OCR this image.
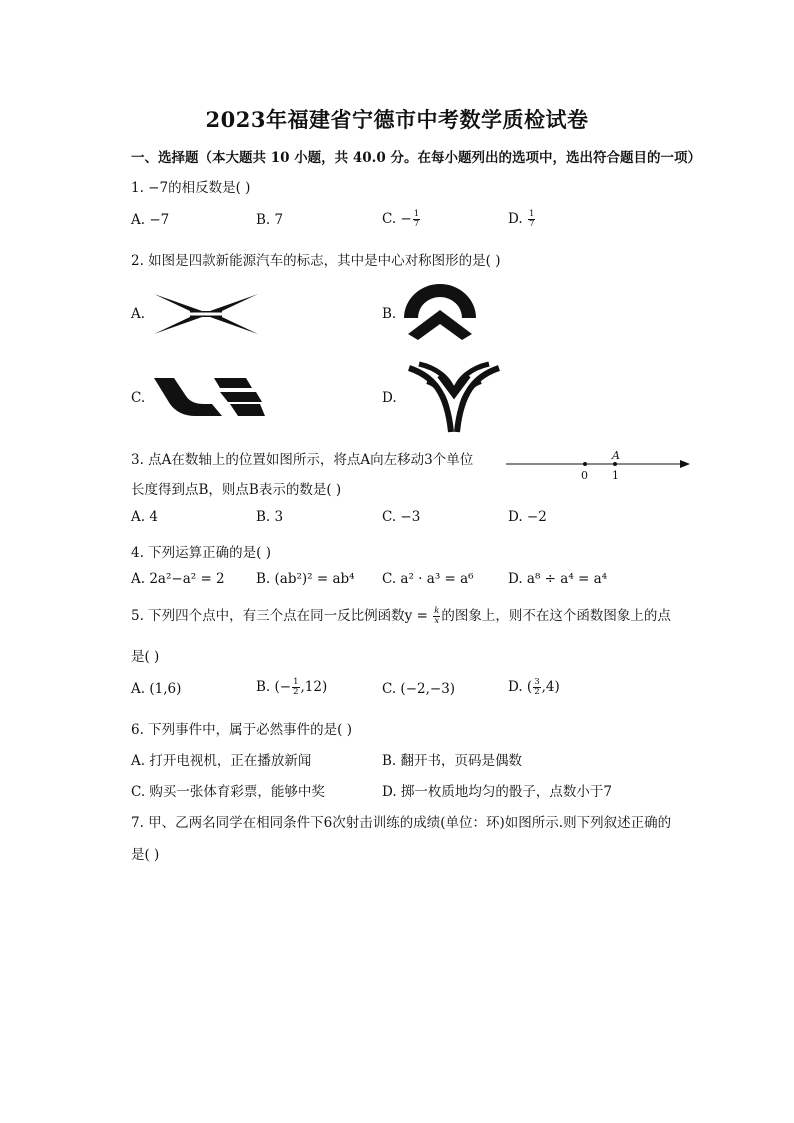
2023年福建省宁德市中考数学质检试卷
一、选择题（本大题共 10 小题，共 40.0 分。在每小题列出的选项中，选出符合题目的一项）
1. −7的相反数是( )
A. −7	B. 7	C. − $\frac{1}{7}$	D. $\frac{1}{7}$
2. 如图是四款新能源汽车的标志，其中是中心对称图形的是( )
A.	B.
C.	D.
3. 点A在数轴上的位置如图所示，将点A向左移动3个单位
长度得到点B，则点B表示的数是( )
A
0 1
A. 4	B. 3	C. −3	D. −2
4. 下列运算正确的是( )
A. 2a²−a² = 2 B. (ab²)² = ab⁴ C. a² · a³ = a⁶	D. a⁸ ÷ a⁴ = a⁴
5. 下列四个点中，有三个点在同一反比例函数$y = \frac{k}{x}$ 的图象上，则不在这个函数图象上的点
是( )
A. (1,6)	B. (− $\frac{1}{2} ,12$)	C. (−2,−3)	D. ( $\frac{3}{2} ,4$)
6. 下列事件中，属于必然事件的是( )
A. 打开电视机，正在播放新闻	B. 翻开书，页码是偶数
C. 购买一张体育彩票，能够中奖	D. 掷一枚质地均匀的骰子，点数小于7
7. 甲、乙两名同学在相同条件下6次射击训练的成绩(单位：环)如图所示.则下列叙述正确的
是( )
